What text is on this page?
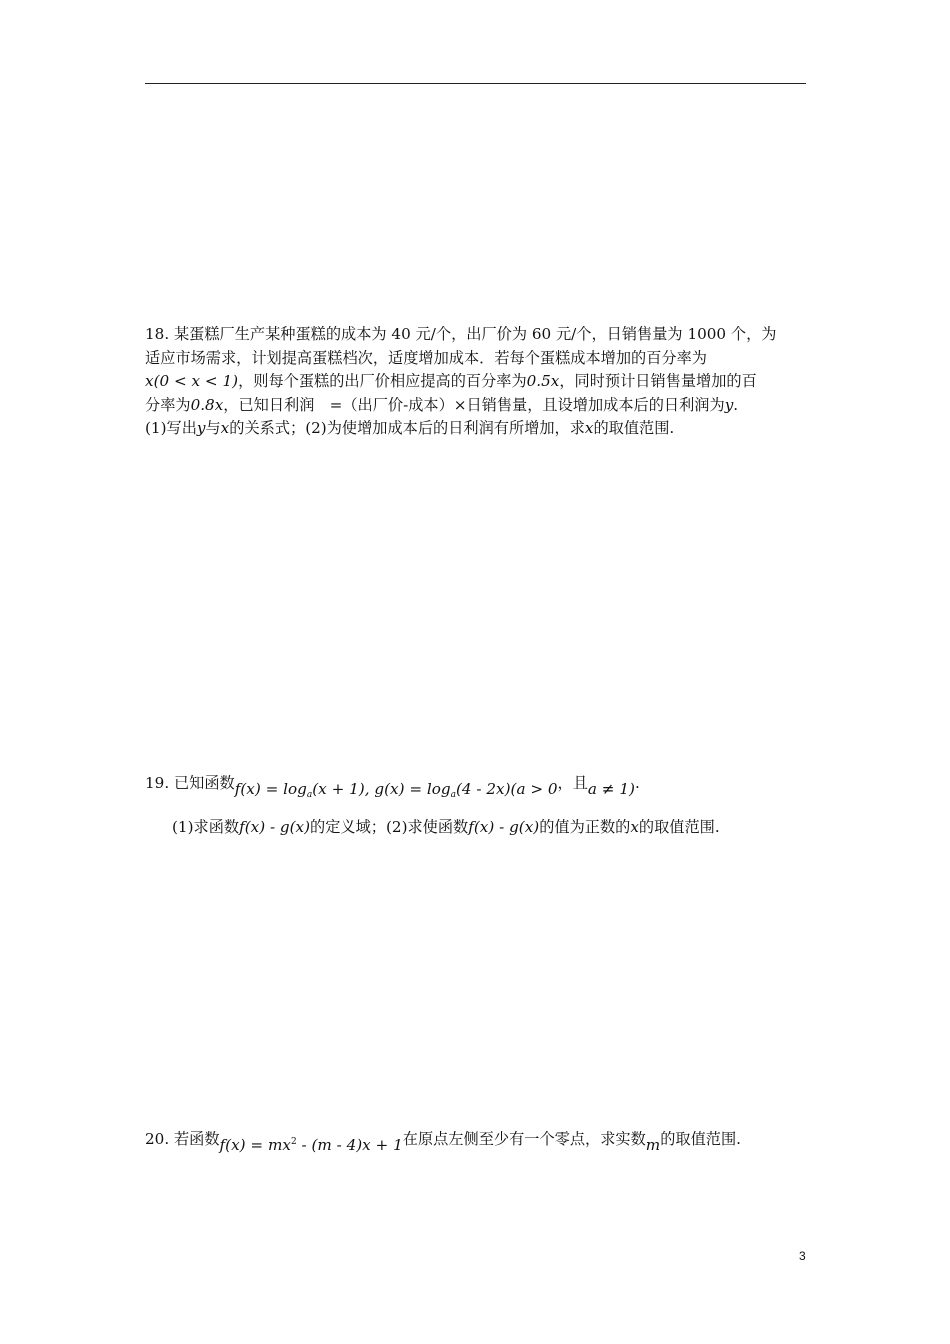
18. 某蛋糕厂生产某种蛋糕的成本为 40 元/个，出厂价为 60 元/个，日销售量为 1000 个，为
适应市场需求，计划提高蛋糕档次，适度增加成本．若每个蛋糕成本增加的百分率为
x(0 < x < 1)，则每个蛋糕的出厂价相应提高的百分率为0.5x，同时预计日销售量增加的百
分率为0.8x，已知日利润　=（出厂价-成本）×日销售量，且设增加成本后的日利润为y.
(1)写出y与x的关系式；(2)为使增加成本后的日利润有所增加，求x的取值范围.
19. 已知函数$f(x) = \log_a(x + 1)$, $g(x) = \log_a(4 - 2x)(a > 0$，且a ≠ 1).
(1)求函数f(x) - g(x)的定义域；(2)求使函数f(x) - g(x)的值为正数的x的取值范围.
20. 若函数$f(x) = mx^2 - (m - 4)x + 1$在原点左侧至少有一个零点，求实数m的取值范围.
3
